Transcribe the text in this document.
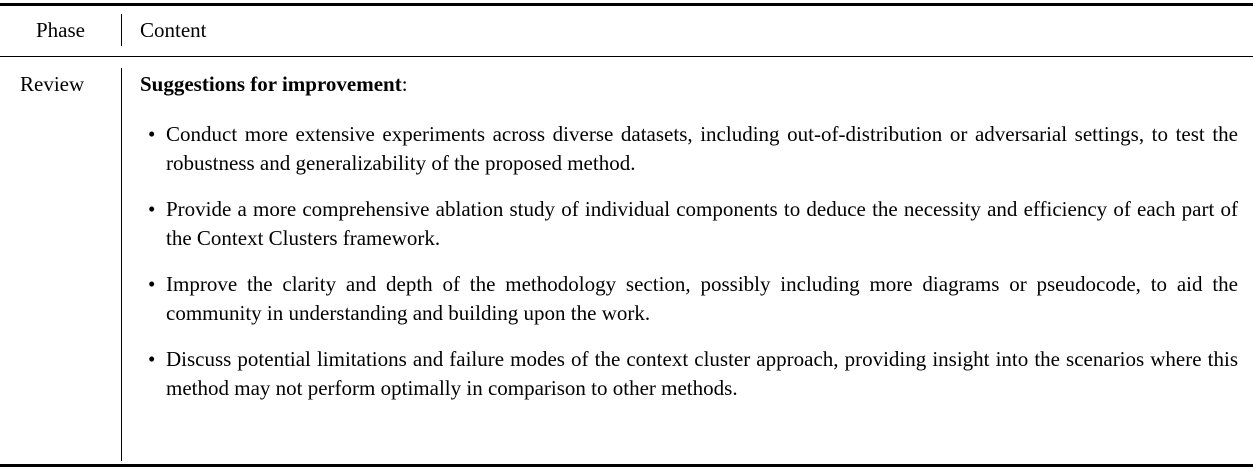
Phase	Content
Review	Suggestions for improvement:
• Conduct more extensive experiments across diverse datasets, including out-of-distribution or adversarial settings, to test the robustness and generalizability of the proposed method.
• Provide a more comprehensive ablation study of individual components to deduce the necessity and efficiency of each part of the Context Clusters framework.
• Improve the clarity and depth of the methodology section, possibly including more diagrams or pseudocode, to aid the community in understanding and building upon the work.
• Discuss potential limitations and failure modes of the context cluster approach, providing insight into the scenarios where this method may not perform optimally in comparison to other methods.
